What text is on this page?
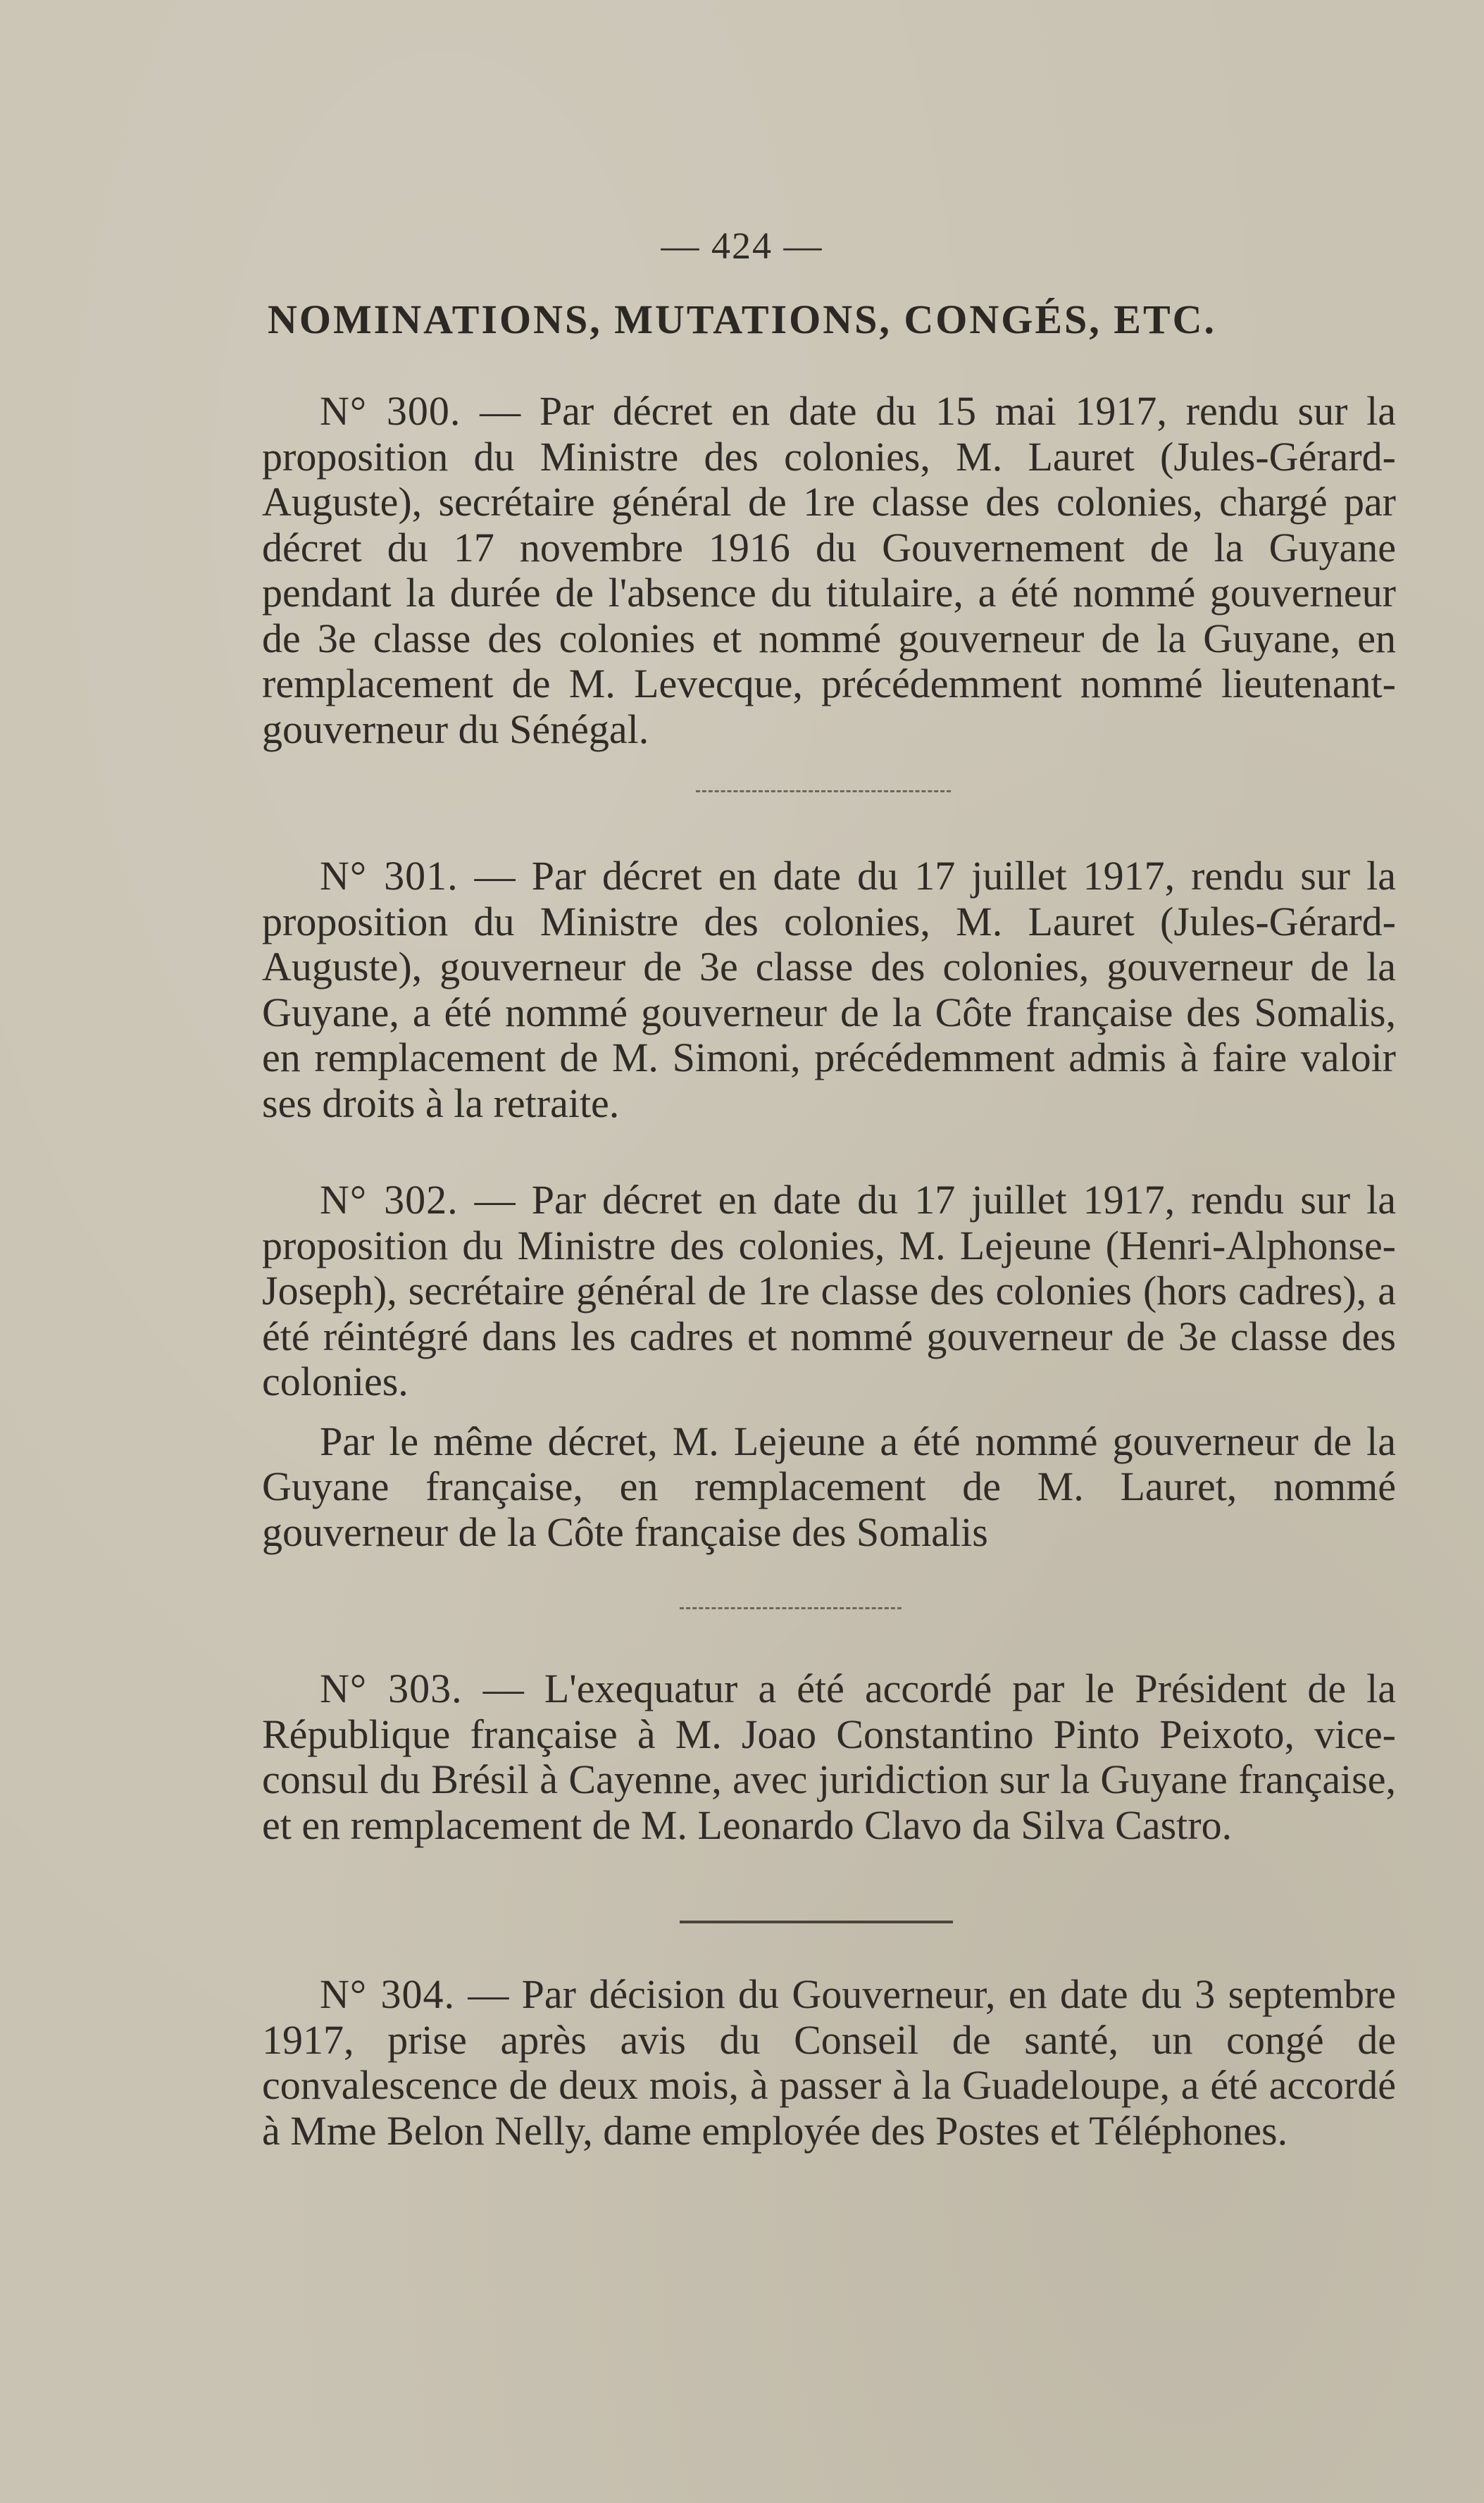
— 424 —
NOMINATIONS, MUTATIONS, CONGÉS, ETC.

N° 300. — Par décret en date du 15 mai 1917, rendu sur la proposition du Ministre des colonies, M. Lauret (Jules-Gérard-Auguste), secrétaire général de 1re classe des colonies, chargé par décret du 17 novembre 1916 du Gouvernement de la Guyane pendant la durée de l'absence du titulaire, a été nommé gouverneur de 3e classe des colonies et nommé gouverneur de la Guyane, en remplacement de M. Levecque, précédemment nommé lieutenant-gouverneur du Sénégal.

N° 301. — Par décret en date du 17 juillet 1917, rendu sur la proposition du Ministre des colonies, M. Lauret (Jules-Gérard-Auguste), gouverneur de 3e classe des colonies, gouverneur de la Guyane, a été nommé gouverneur de la Côte française des Somalis, en remplacement de M. Simoni, précédemment admis à faire valoir ses droits à la retraite.

N° 302. — Par décret en date du 17 juillet 1917, rendu sur la proposition du Ministre des colonies, M. Lejeune (Henri-Alphonse-Joseph), secrétaire général de 1re classe des colonies (hors cadres), a été réintégré dans les cadres et nommé gouverneur de 3e classe des colonies.

Par le même décret, M. Lejeune a été nommé gouverneur de la Guyane française, en remplacement de M. Lauret, nommé gouverneur de la Côte française des Somalis

N° 303. — L'exequatur a été accordé par le Président de la République française à M. Joao Constantino Pinto Peixoto, vice-consul du Brésil à Cayenne, avec juridiction sur la Guyane française, et en remplacement de M. Leonardo Clavo da Silva Castro.

N° 304. — Par décision du Gouverneur, en date du 3 septembre 1917, prise après avis du Conseil de santé, un congé de convalescence de deux mois, à passer à la Guadeloupe, a été accordé à Mme Belon Nelly, dame employée des Postes et Téléphones.
